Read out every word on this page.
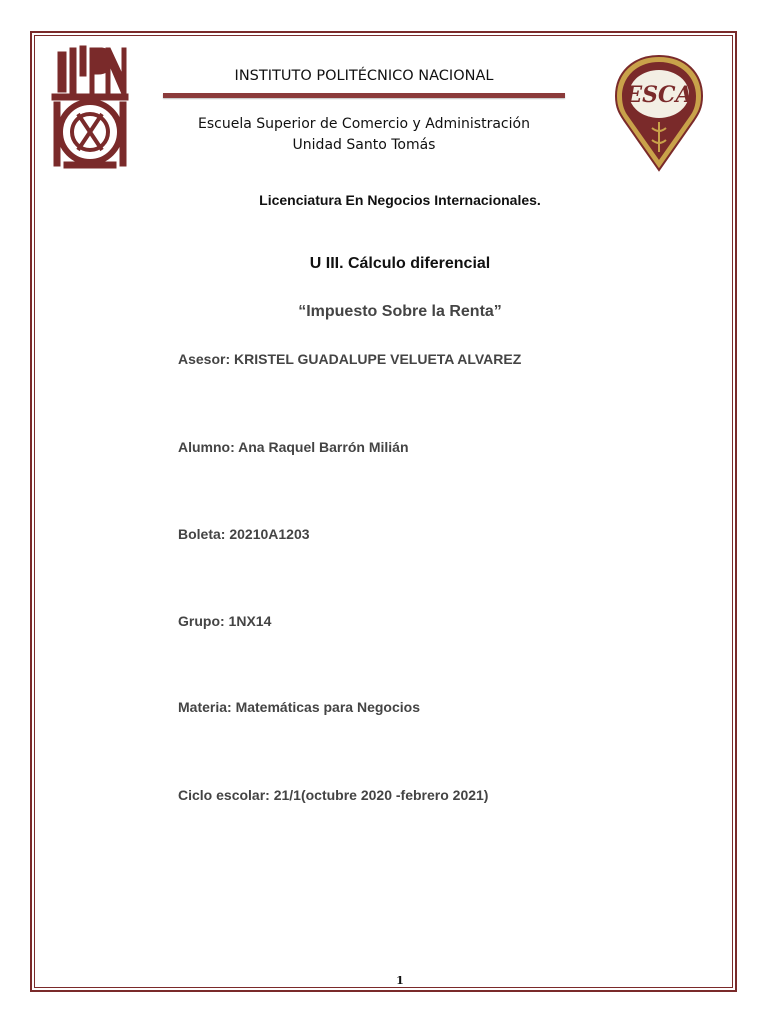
ESCA
INSTITUTO POLITÉCNICO NACIONAL
Escuela Superior de Comercio y Administración
Unidad Santo Tomás
Licenciatura En Negocios Internacionales.
U III. Cálculo diferencial
“Impuesto Sobre la Renta”
Asesor: KRISTEL GUADALUPE VELUETA ALVAREZ
Alumno: Ana Raquel Barrón Milián
Boleta: 20210A1203
Grupo: 1NX14
Materia: Matemáticas para Negocios
Ciclo escolar: 21/1(octubre 2020 -febrero 2021)
1
